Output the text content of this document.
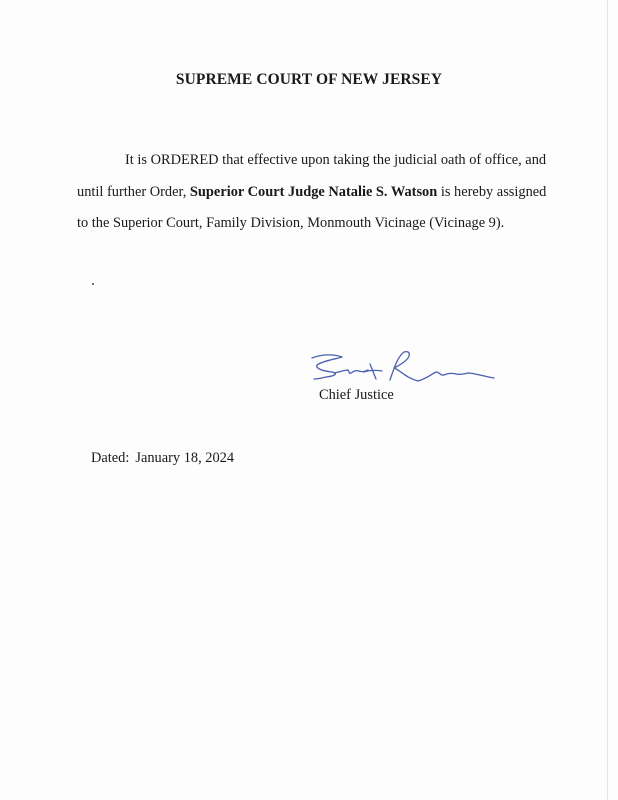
SUPREME COURT OF NEW JERSEY
It is ORDERED that effective upon taking the judicial oath of office, and until further Order, Superior Court Judge Natalie S. Watson is hereby assigned to the Superior Court, Family Division, Monmouth Vicinage (Vicinage 9).
Chief Justice
Dated: January 18, 2024
